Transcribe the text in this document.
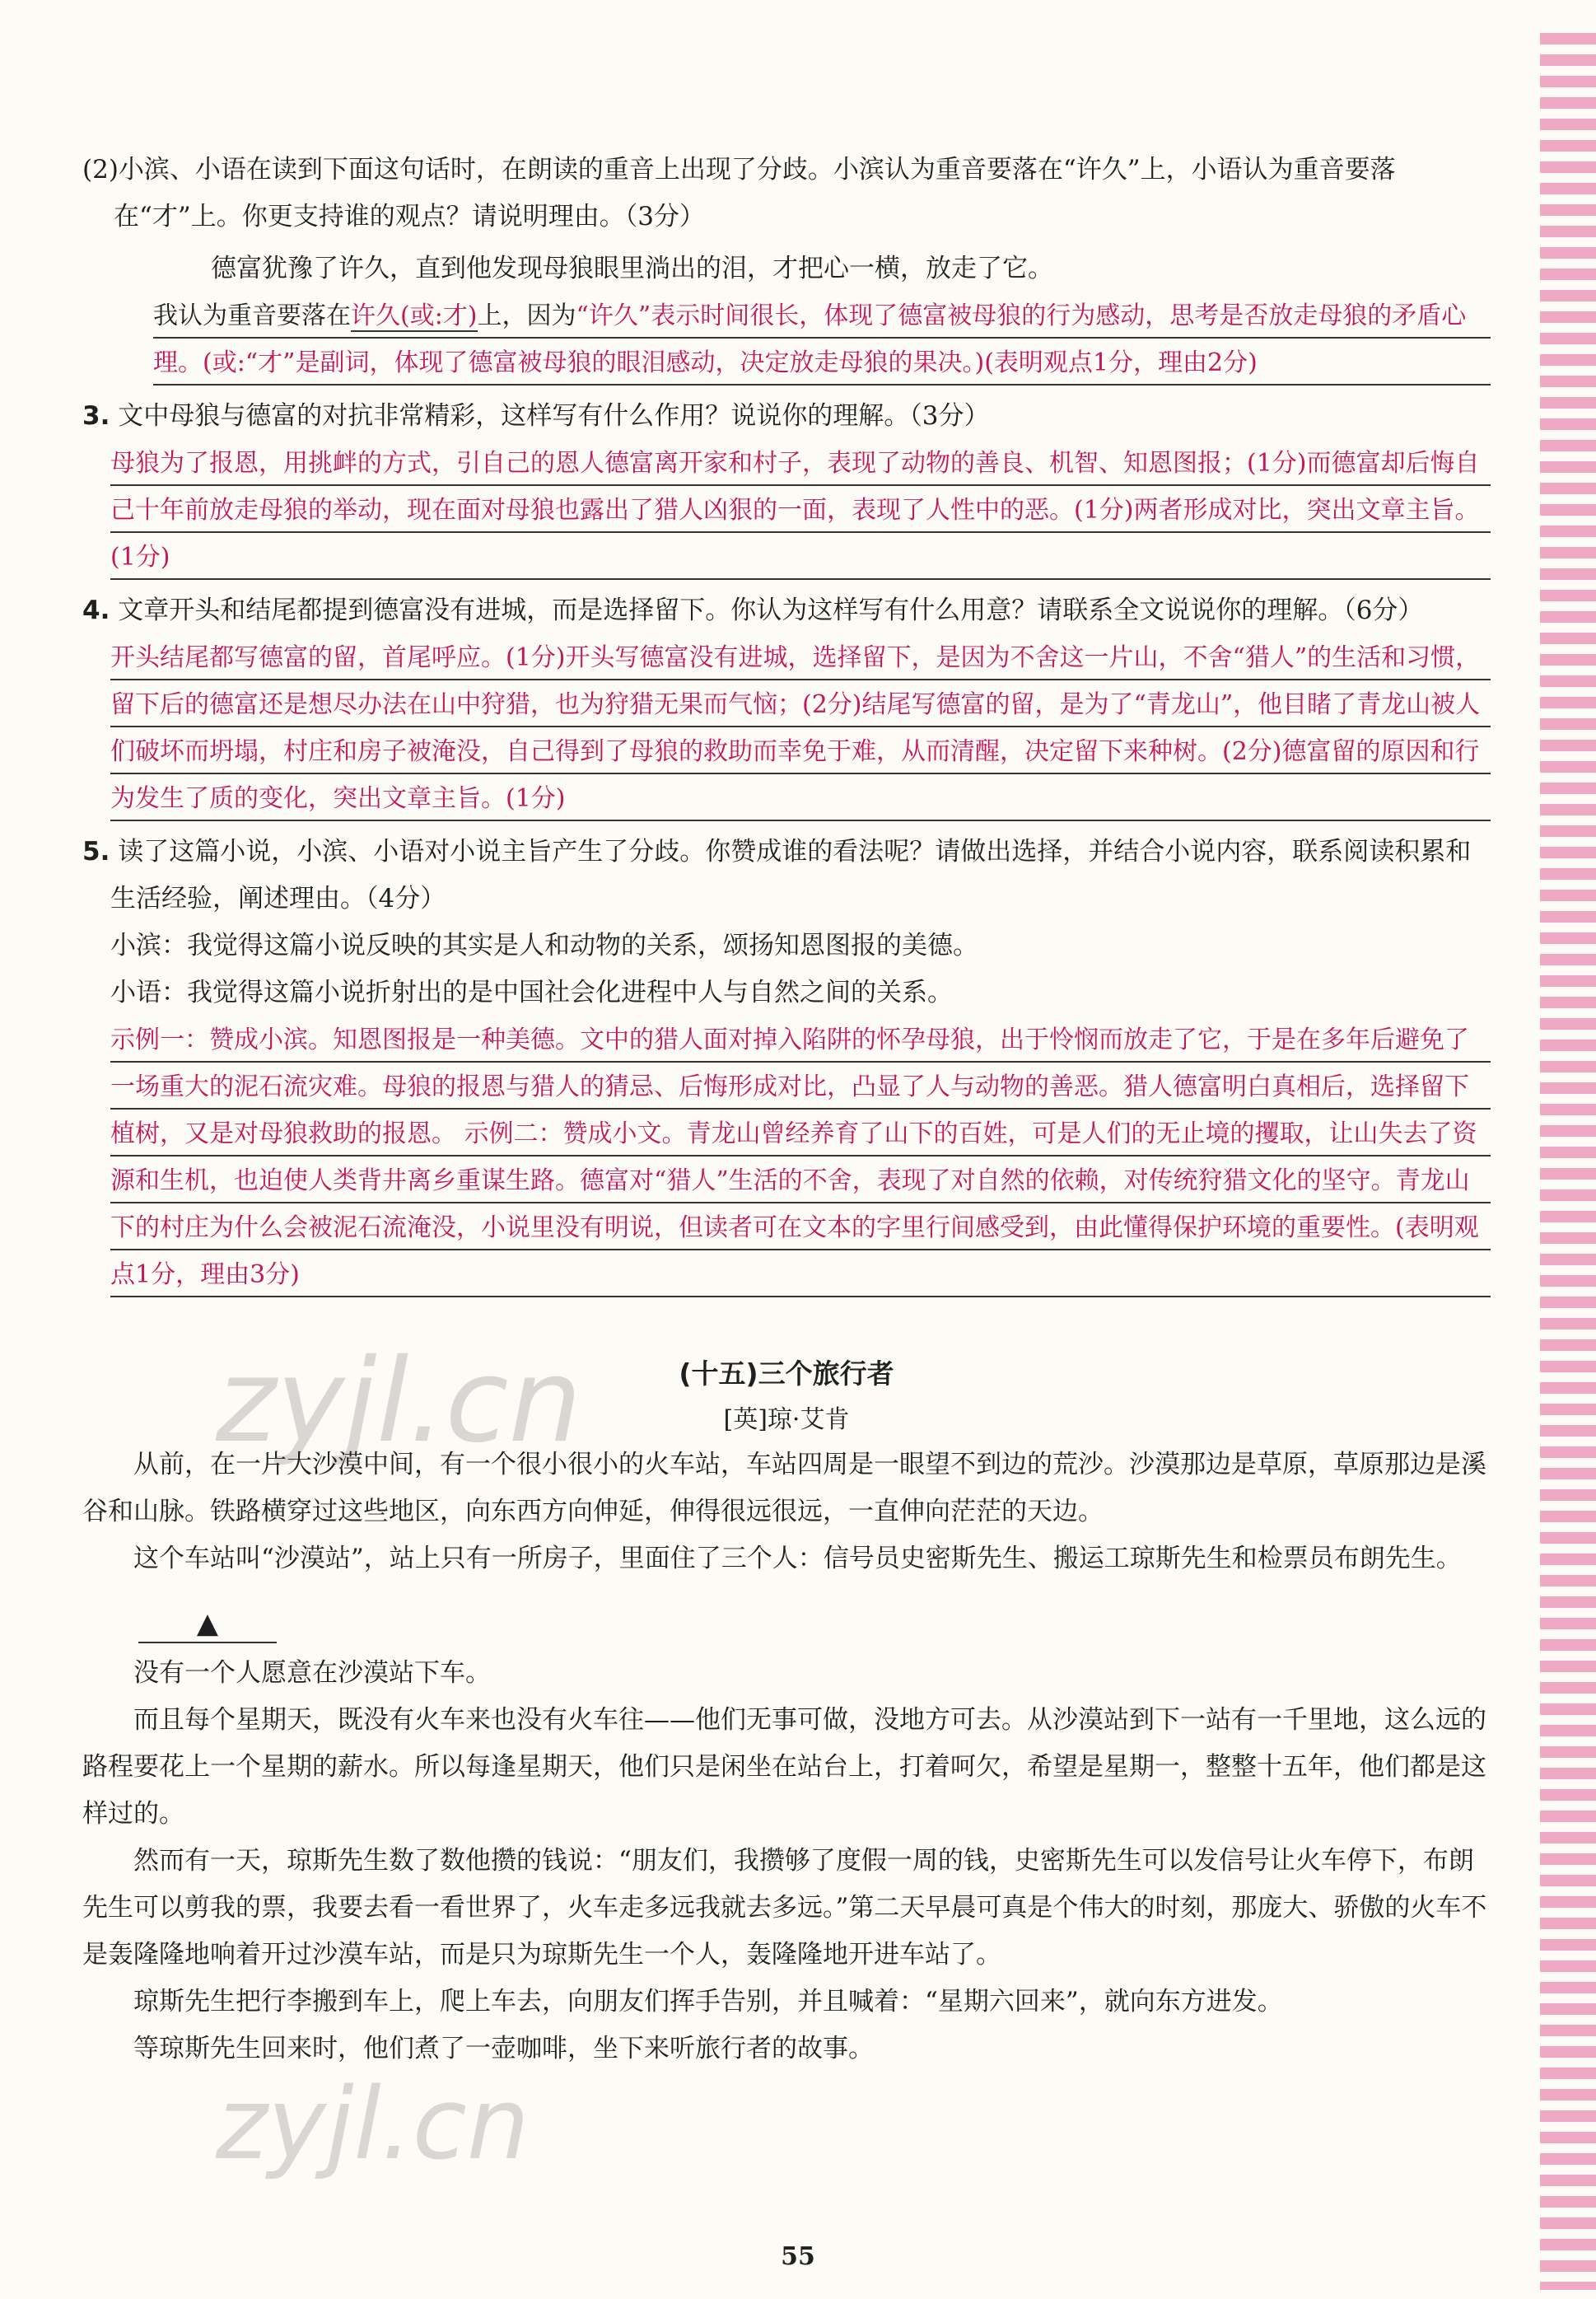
zyjl.cn
zyjl.cn

(2)小滨、小语在读到下面这句话时，在朗读的重音上出现了分歧。小滨认为重音要落在“许久”上，小语认为重音要落在“才”上。你更支持谁的观点？请说明理由。（3分）

德富犹豫了许久，直到他发现母狼眼里淌出的泪，才把心一横，放走了它。

我认为重音要落在许久(或:才)上，因为“许久”表示时间很长，体现了德富被母狼的行为感动，思考是否放走母狼的矛盾心理。(或:“才”是副词，体现了德富被母狼的眼泪感动，决定放走母狼的果决。)(表明观点1分，理由2分)

3. 文中母狼与德富的对抗非常精彩，这样写有什么作用？说说你的理解。（3分）

母狼为了报恩，用挑衅的方式，引自己的恩人德富离开家和村子，表现了动物的善良、机智、知恩图报；(1分)而德富却后悔自己十年前放走母狼的举动，现在面对母狼也露出了猎人凶狠的一面，表现了人性中的恶。(1分)两者形成对比，突出文章主旨。(1分)

4. 文章开头和结尾都提到德富没有进城，而是选择留下。你认为这样写有什么用意？请联系全文说说你的理解。（6分）

开头结尾都写德富的留，首尾呼应。(1分)开头写德富没有进城，选择留下，是因为不舍这一片山，不舍“猎人”的生活和习惯，留下后的德富还是想尽办法在山中狩猎，也为狩猎无果而气恼；(2分)结尾写德富的留，是为了“青龙山”，他目睹了青龙山被人们破坏而坍塌，村庄和房子被淹没，自己得到了母狼的救助而幸免于难，从而清醒，决定留下来种树。(2分)德富留的原因和行为发生了质的变化，突出文章主旨。(1分)

5. 读了这篇小说，小滨、小语对小说主旨产生了分歧。你赞成谁的看法呢？请做出选择，并结合小说内容，联系阅读积累和生活经验，阐述理由。（4分）

小滨：我觉得这篇小说反映的其实是人和动物的关系，颂扬知恩图报的美德。

小语：我觉得这篇小说折射出的是中国社会化进程中人与自然之间的关系。

示例一：赞成小滨。知恩图报是一种美德。文中的猎人面对掉入陷阱的怀孕母狼，出于怜悯而放走了它，于是在多年后避免了一场重大的泥石流灾难。母狼的报恩与猎人的猜忌、后悔形成对比，凸显了人与动物的善恶。猎人德富明白真相后，选择留下植树，又是对母狼救助的报恩。 示例二：赞成小文。青龙山曾经养育了山下的百姓，可是人们的无止境的攫取，让山失去了资源和生机，也迫使人类背井离乡重谋生路。德富对“猎人”生活的不舍，表现了对自然的依赖，对传统狩猎文化的坚守。青龙山下的村庄为什么会被泥石流淹没，小说里没有明说，但读者可在文本的字里行间感受到，由此懂得保护环境的重要性。(表明观点1分，理由3分)

(十五)三个旅行者
[英]琼·艾肯

从前，在一片大沙漠中间，有一个很小很小的火车站，车站四周是一眼望不到边的荒沙。沙漠那边是草原，草原那边是溪谷和山脉。铁路横穿过这些地区，向东西方向伸延，伸得很远很远，一直伸向茫茫的天边。

这个车站叫“沙漠站”，站上只有一所房子，里面住了三个人：信号员史密斯先生、搬运工琼斯先生和检票员布朗先生。

▲

没有一个人愿意在沙漠站下车。

而且每个星期天，既没有火车来也没有火车往——他们无事可做，没地方可去。从沙漠站到下一站有一千里地，这么远的路程要花上一个星期的薪水。所以每逢星期天，他们只是闲坐在站台上，打着呵欠，希望是星期一，整整十五年，他们都是这样过的。

然而有一天，琼斯先生数了数他攒的钱说：“朋友们，我攒够了度假一周的钱，史密斯先生可以发信号让火车停下，布朗先生可以剪我的票，我要去看一看世界了，火车走多远我就去多远。”第二天早晨可真是个伟大的时刻，那庞大、骄傲的火车不是轰隆隆地响着开过沙漠车站，而是只为琼斯先生一个人，轰隆隆地开进车站了。

琼斯先生把行李搬到车上，爬上车去，向朋友们挥手告别，并且喊着：“星期六回来”，就向东方进发。

等琼斯先生回来时，他们煮了一壶咖啡，坐下来听旅行者的故事。

55
